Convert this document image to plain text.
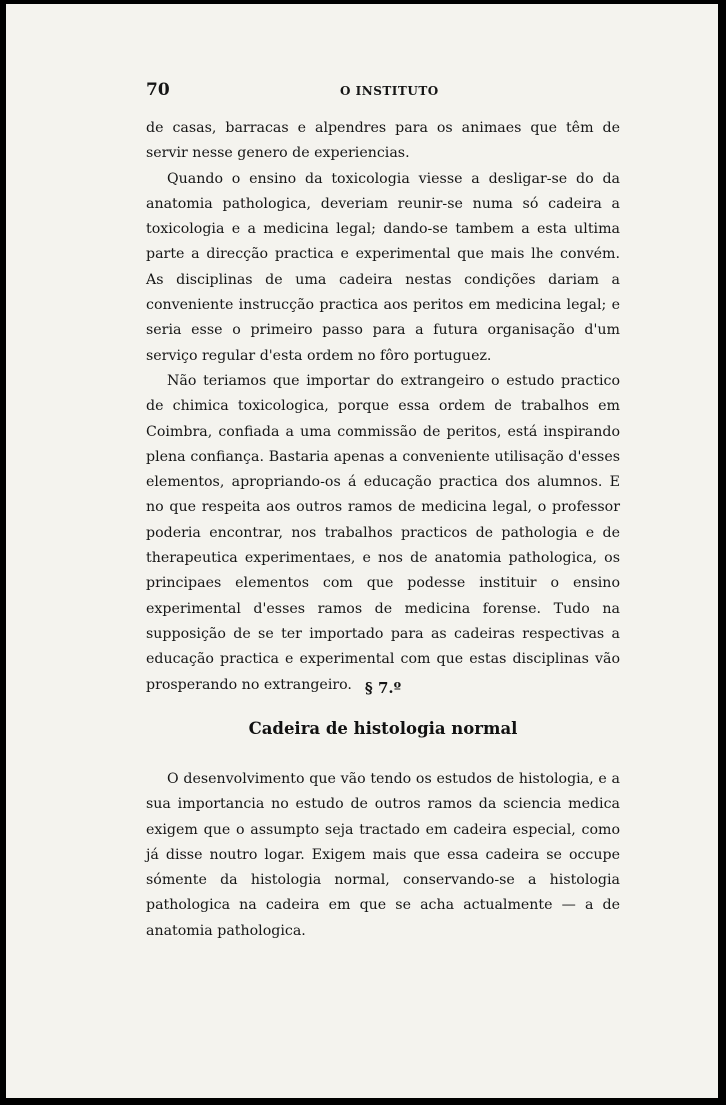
70	O INSTITUTO

de casas, barracas e alpendres para os animaes que têm de servir nesse genero de experiencias.

Quando o ensino da toxicologia viesse a desligar-se do da anatomia pathologica, deveriam reunir-se numa só cadeira a toxicologia e a medicina legal; dando-se tambem a esta ultima parte a direcção practica e experimental que mais lhe convém. As disciplinas de uma cadeira nestas condições dariam a conveniente instrucção practica aos peritos em medicina legal; e seria esse o primeiro passo para a futura organisação d'um serviço regular d'esta ordem no fôro portuguez.

Não teriamos que importar do extrangeiro o estudo practico de chimica toxicologica, porque essa ordem de trabalhos em Coimbra, confiada a uma commissão de peritos, está inspirando plena confiança. Bastaria apenas a conveniente utilisação d'esses elementos, apropriando-os á educação practica dos alumnos. E no que respeita aos outros ramos de medicina legal, o professor poderia encontrar, nos trabalhos practicos de pathologia e de therapeutica experimentaes, e nos de anatomia pathologica, os principaes elementos com que podesse instituir o ensino experimental d'esses ramos de medicina forense. Tudo na supposição de se ter importado para as cadeiras respectivas a educação practica e experimental com que estas disciplinas vão prosperando no extrangeiro. § 7.º
Cadeira de histologia normal

O desenvolvimento que vão tendo os estudos de histologia, e a sua importancia no estudo de outros ramos da sciencia medica exigem que o assumpto seja tractado em cadeira especial, como já disse noutro logar. Exigem mais que essa cadeira se occupe sómente da histologia normal, conservando-se a histologia pathologica na cadeira em que se acha actualmente — a de anatomia pathologica.
